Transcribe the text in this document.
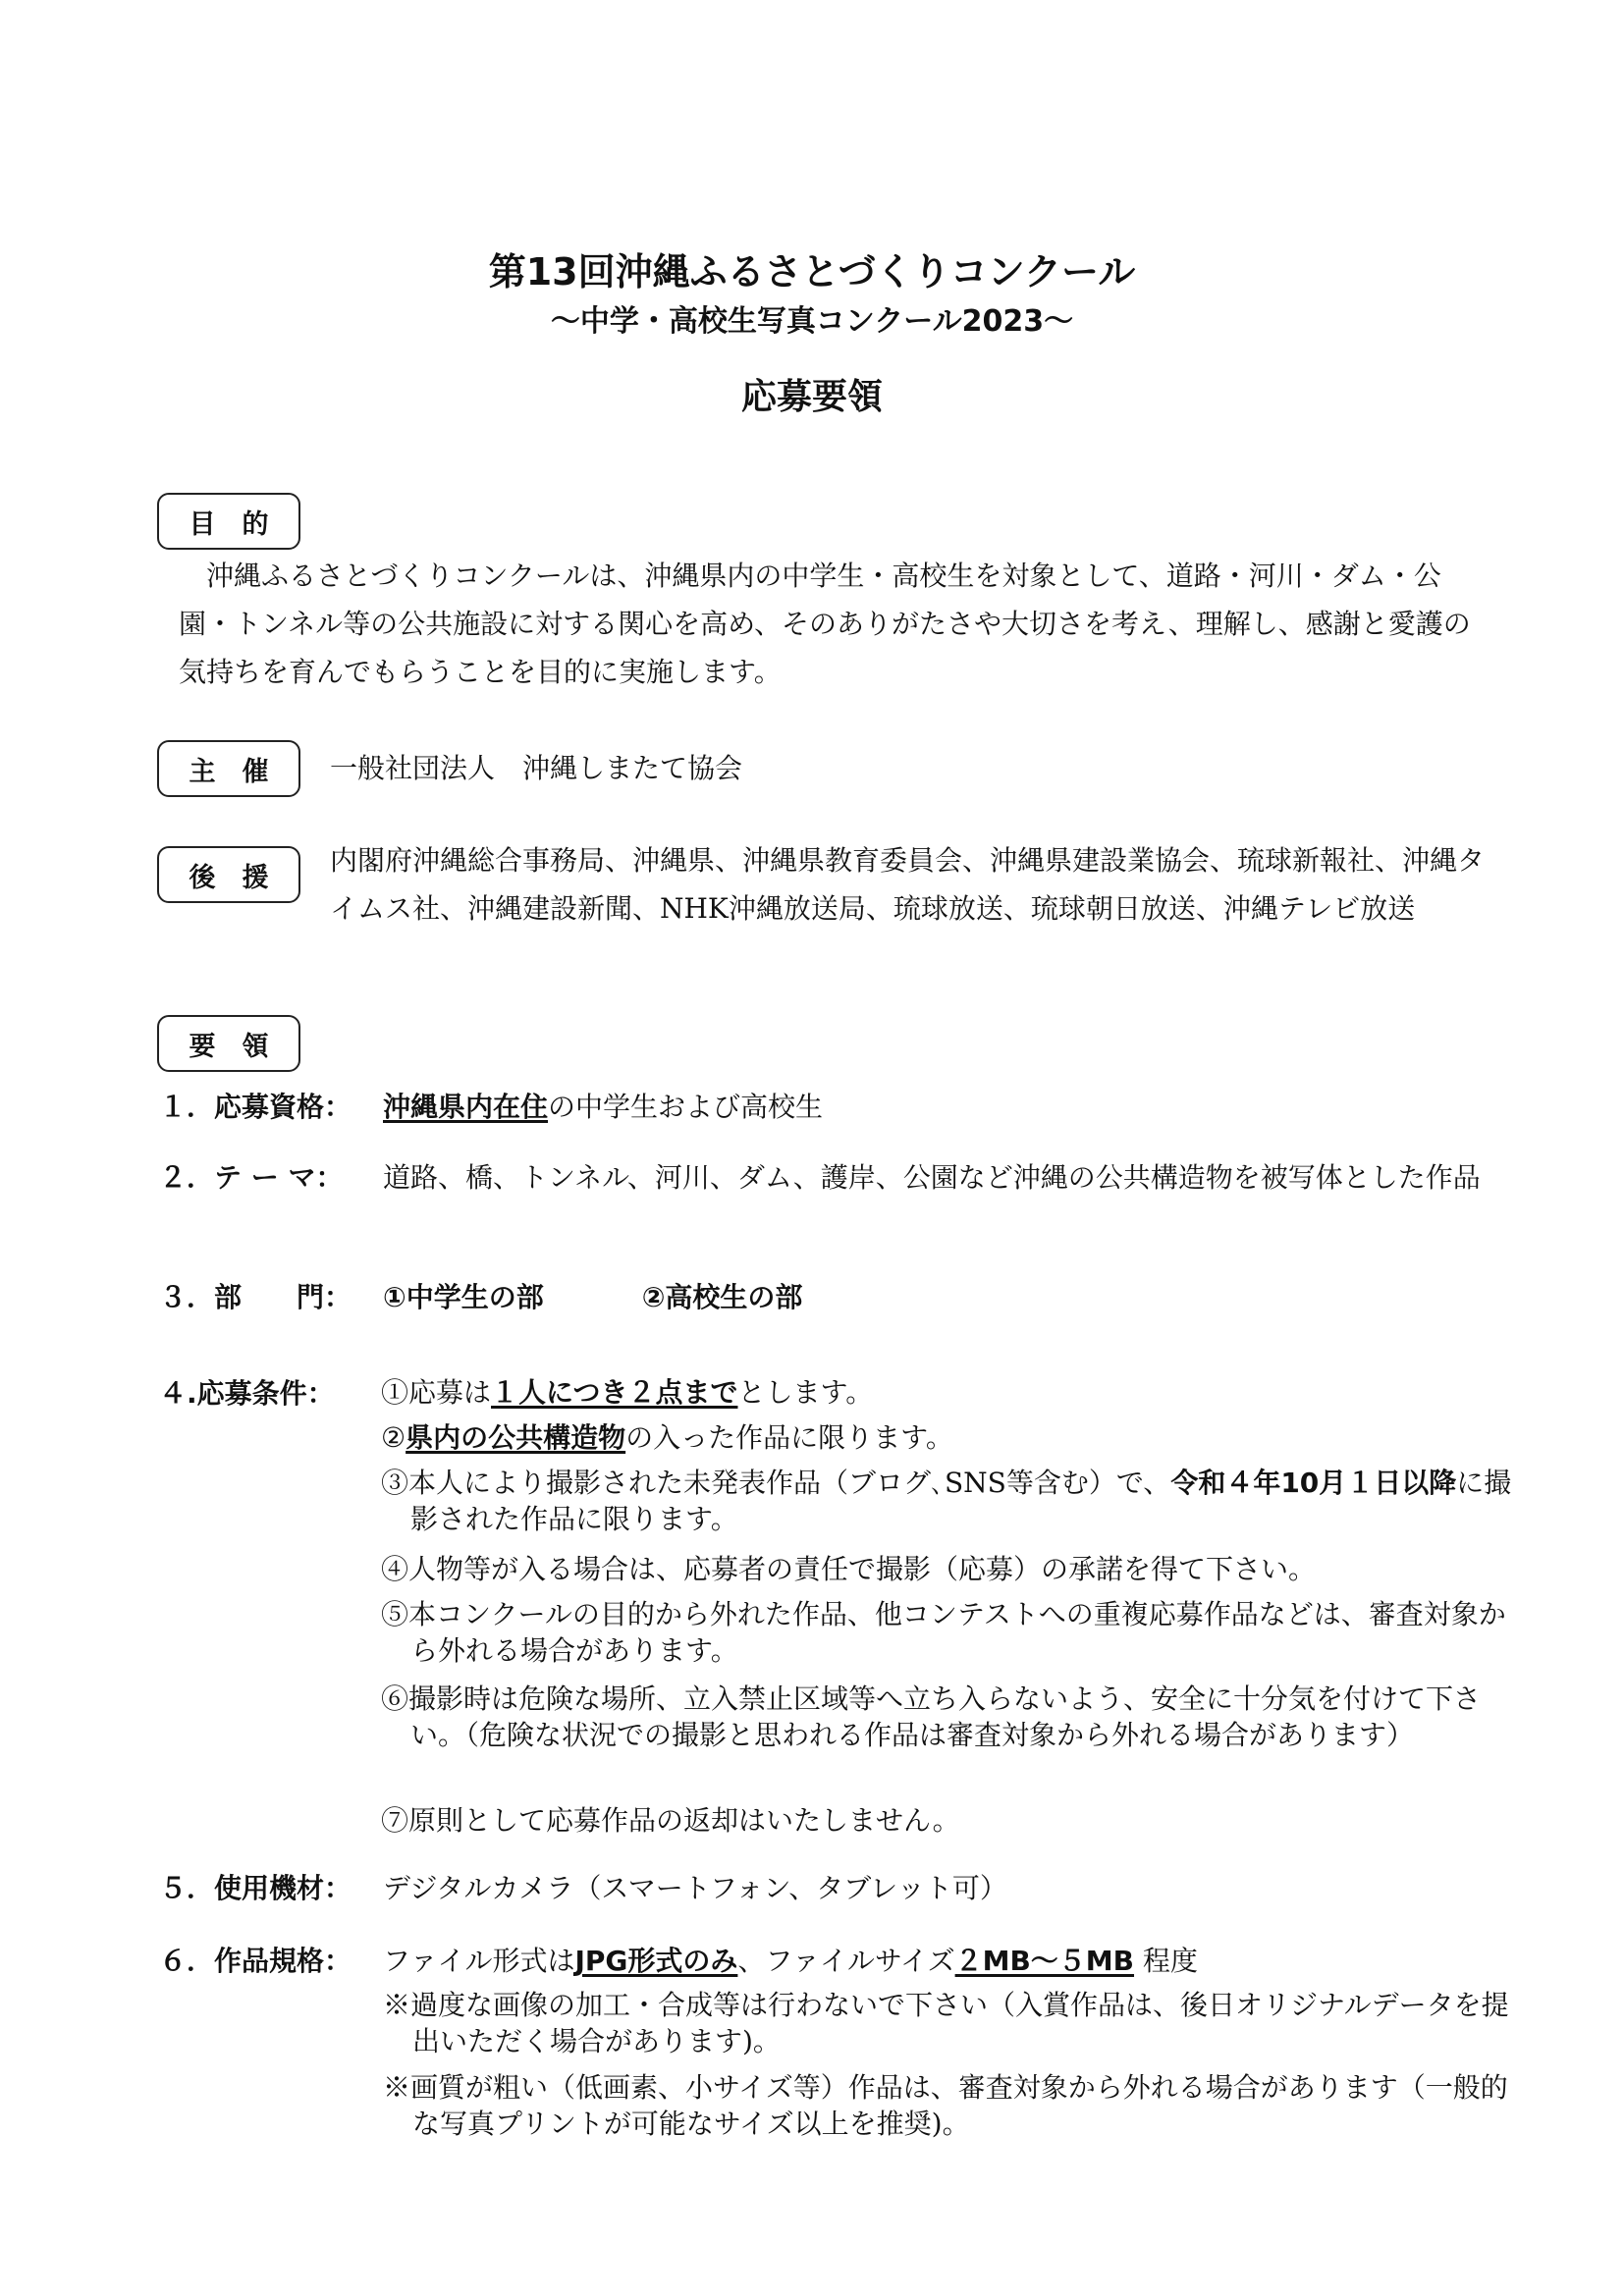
第13回沖縄ふるさとづくりコンクール
～中学・高校生写真コンクール2023～
応募要領
目　的

　沖縄ふるさとづくりコンクールは、沖縄県内の中学生・高校生を対象として、道路・河川・ダム・公園・トンネル等の公共施設に対する関心を高め、そのありがたさや大切さを考え、理解し、感謝と愛護の気持ちを育んでもらうことを目的に実施します。

主　催	一般社団法人　沖縄しまたて協会

後　援

内閣府沖縄総合事務局、沖縄県、沖縄県教育委員会、沖縄県建設業協会、琉球新報社、沖縄タイムス社、沖縄建設新聞、NHK沖縄放送局、琉球放送、琉球朝日放送、沖縄テレビ放送

要　領
１．応募資格： 沖縄県内在住の中学生および高校生
２．テ ー マ： 道路、橋、トンネル、河川、ダム、護岸、公園など沖縄の公共構造物を被写体とした作品
３．部　　門： ①中学生の部	②高校生の部
４.応募条件： ①応募は１人につき２点までとします。
②県内の公共構造物の入った作品に限ります。
③本人により撮影された未発表作品（ブログ､SNS等含む）で、令和４年10月１日以降に撮影された作品に限ります。
④人物等が入る場合は、応募者の責任で撮影（応募）の承諾を得て下さい。
⑤本コンクールの目的から外れた作品、他コンテストへの重複応募作品などは、審査対象から外れる場合があります。
⑥撮影時は危険な場所、立入禁止区域等へ立ち入らないよう、安全に十分気を付けて下さい。（危険な状況での撮影と思われる作品は審査対象から外れる場合があります）
⑦原則として応募作品の返却はいたしません。
５．使用機材： デジタルカメラ（スマートフォン、タブレット可）
６．作品規格： ファイル形式はJPG形式のみ、ファイルサイズ２MB～５MB 程度
※過度な画像の加工・合成等は行わないで下さい（入賞作品は、後日オリジナルデータを提出いただく場合があります)。
※画質が粗い（低画素、小サイズ等）作品は、審査対象から外れる場合があります（一般的な写真プリントが可能なサイズ以上を推奨)。
